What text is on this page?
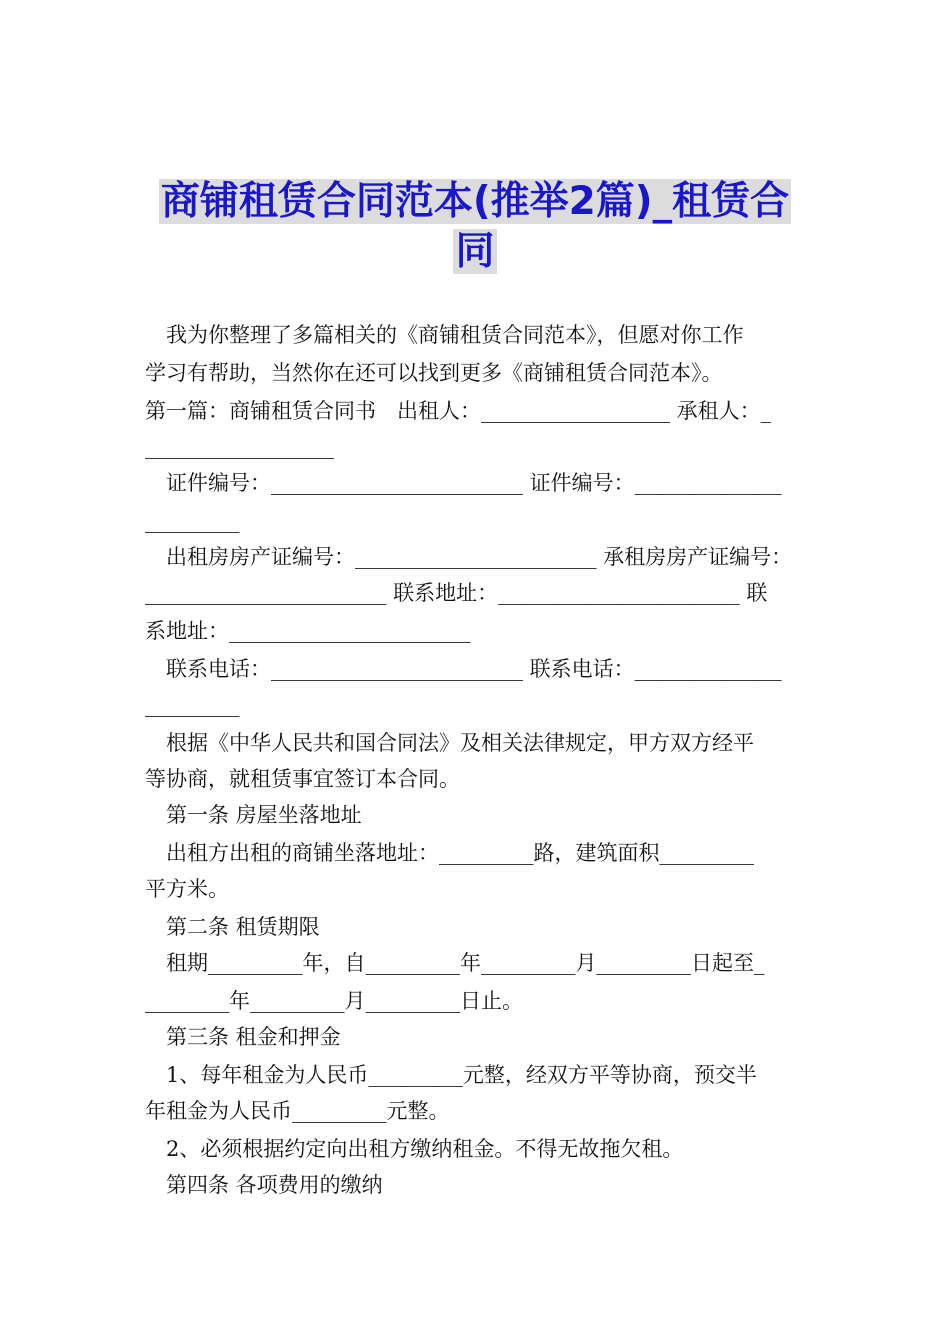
商铺租赁合同范本(推举2篇)_租赁合
同
　我为你整理了多篇相关的《商铺租赁合同范本》，但愿对你工作
学习有帮助，当然你在还可以找到更多《商铺租赁合同范本》。
第一篇：商铺租赁合同书　出租人：__________________ 承租人：_
__________________
　证件编号：________________________ 证件编号：______________
_________
　出租房房产证编号：_______________________ 承租房房产证编号：
_______________________ 联系地址：_______________________ 联
系地址：_______________________
　联系电话：________________________ 联系电话：______________
_________
　根据《中华人民共和国合同法》及相关法律规定，甲方双方经平
等协商，就租赁事宜签订本合同。
　第一条 房屋坐落地址
　出租方出租的商铺坐落地址：_________路，建筑面积_________
平方米。
　第二条 租赁期限
　租期_________年，自_________年_________月_________日起至_
________年_________月_________日止。
　第三条 租金和押金
　1、每年租金为人民币_________元整，经双方平等协商，预交半
年租金为人民币_________元整。
　2、必须根据约定向出租方缴纳租金。不得无故拖欠租。
　第四条 各项费用的缴纳
